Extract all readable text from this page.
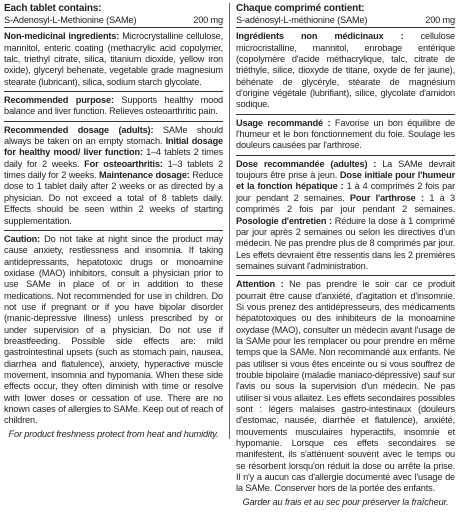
Each tablet contains:

S-Adenosyl-L-Methionine (SAMe)	200 mg

Non-medicinal ingredients: Microcrystalline cellulose, mannitol, enteric coating (methacrylic acid copolymer, talc, triethyl citrate, silica, titanium dioxide, yellow iron oxide), glyceryl behenate, vegetable grade magnesium stearate (lubricant), silica, sodium starch glycolate.

Recommended purpose: Supports healthy mood balance and liver function. Relieves osteoarthritic pain.

Recommended dosage (adults): SAMe should always be taken on an empty stomach. Initial dosage for healthy mood/ liver function: 1–4 tablets 2 times daily for 2 weeks. For osteoarthritis: 1–3 tablets 2 times daily for 2 weeks. Maintenance dosage: Reduce dose to 1 tablet daily after 2 weeks or as directed by a physician. Do not exceed a total of 8 tablets daily. Effects should be seen within 2 weeks of starting supplementation.

Caution: Do not take at night since the product may cause anxiety, restlessness and insomnia. If taking antidepressants, hepatotoxic drugs or monoamine oxidase (MAO) inhibitors, consult a physician prior to use SAMe in place of or in addition to these medications. Not recommended for use in children. Do not use if pregnant or if you have bipolar disorder (manic-depressive illness) unless prescribed by or under supervision of a physician. Do not use if breastfeeding. Possible side effects are: mild gastrointestinal upsets (such as stomach pain, nausea, diarrhea and flatulence), anxiety, hyperactive muscle movement, insomnia and hypomania. When these side effects occur, they often diminish with time or resolve with lower doses or cessation of use. There are no known cases of allergies to SAMe. Keep out of reach of children.

For product freshness protect from heat and humidity.

Chaque comprimé contient:

S-adénosyl-L-méthionine (SAMe)	200 mg

Ingrédients non médicinaux : cellulose microcristalline, mannitol, enrobage entérique (copolymère d'acide méthacrylique, talc, citrate de triéthyle, silice, dioxyde de titane, oxyde de fer jaune), béhénate de glycéryle, stéarate de magnésium d'origine végétale (lubrifiant), silice, glycolate d'amidon sodique.

Usage recommandé : Favorise un bon équilibre de l'humeur et le bon fonctionnement du foie. Soulage les douleurs causées par l'arthrose.

Dose recommandée (adultes) : La SAMe devrait toujours être prise à jeun. Dose initiale pour l'humeur et la fonction hépatique : 1 à 4 comprimés 2 fois par jour pendant 2 semaines. Pour l'arthrose : 1 à 3 comprimés 2 fois par jour pendant 2 semaines. Posologie d'entretien : Réduire la dose à 1 comprimé par jour après 2 semaines ou selon les directives d'un médecin. Ne pas prendre plus de 8 comprimés par jour. Les effets devraient être ressentis dans les 2 premières semaines suivant l'administration.

Attention : Ne pas prendre le soir car ce produit pourrait être cause d'anxiété, d'agitation et d'insomnie. Si vous prenez des antidépresseurs, des médicaments hépatotoxiques ou des inhibiteurs de la monoamine oxydase (MAO), consulter un médecin avant l'usage de la SAMe pour les remplacer ou pour prendre en même temps que la SAMe. Non recommandé aux enfants. Ne pas utiliser si vous êtes enceinte ou si vous souffrez de trouble bipolaire (maladie maniaco-dépressive) sauf sur l'avis ou sous la supervision d'un médecin. Ne pas utiliser si vous allaitez. Les effets secondaires possibles sont : légers malaises gastro-intestinaux (douleurs d'estomac, nausée, diarrhée et flatulence), anxiété, mouvements musculaires hyperactifs, insomnie et hypomanie. Lorsque ces effets secondaires se manifestent, ils s'atténuent souvent avec le temps ou se résorbent lorsqu'on réduit la dose ou arrête la prise. Il n'y a aucun cas d'allergie documenté avec l'usage de la SAMe. Conserver hors de la portée des enfants.

Garder au frais et au sec pour préserver la fraîcheur.
